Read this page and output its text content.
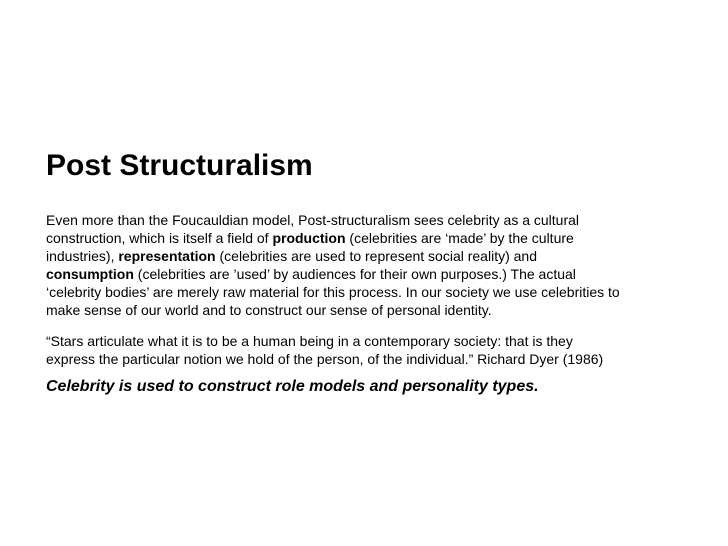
Post Structuralism
Even more than the Foucauldian model, Post-structuralism sees celebrity as a cultural
construction, which is itself a field of production (celebrities are ‘made’ by the culture
industries), representation (celebrities are used to represent social reality) and
consumption (celebrities are ’used’ by audiences for their own purposes.) The actual
‘celebrity bodies’ are merely raw material for this process. In our society we use celebrities to
make sense of our world and to construct our sense of personal identity.
“Stars articulate what it is to be a human being in a contemporary society: that is they
express the particular notion we hold of the person, of the individual.” Richard Dyer (1986)
Celebrity is used to construct role models and personality types.
